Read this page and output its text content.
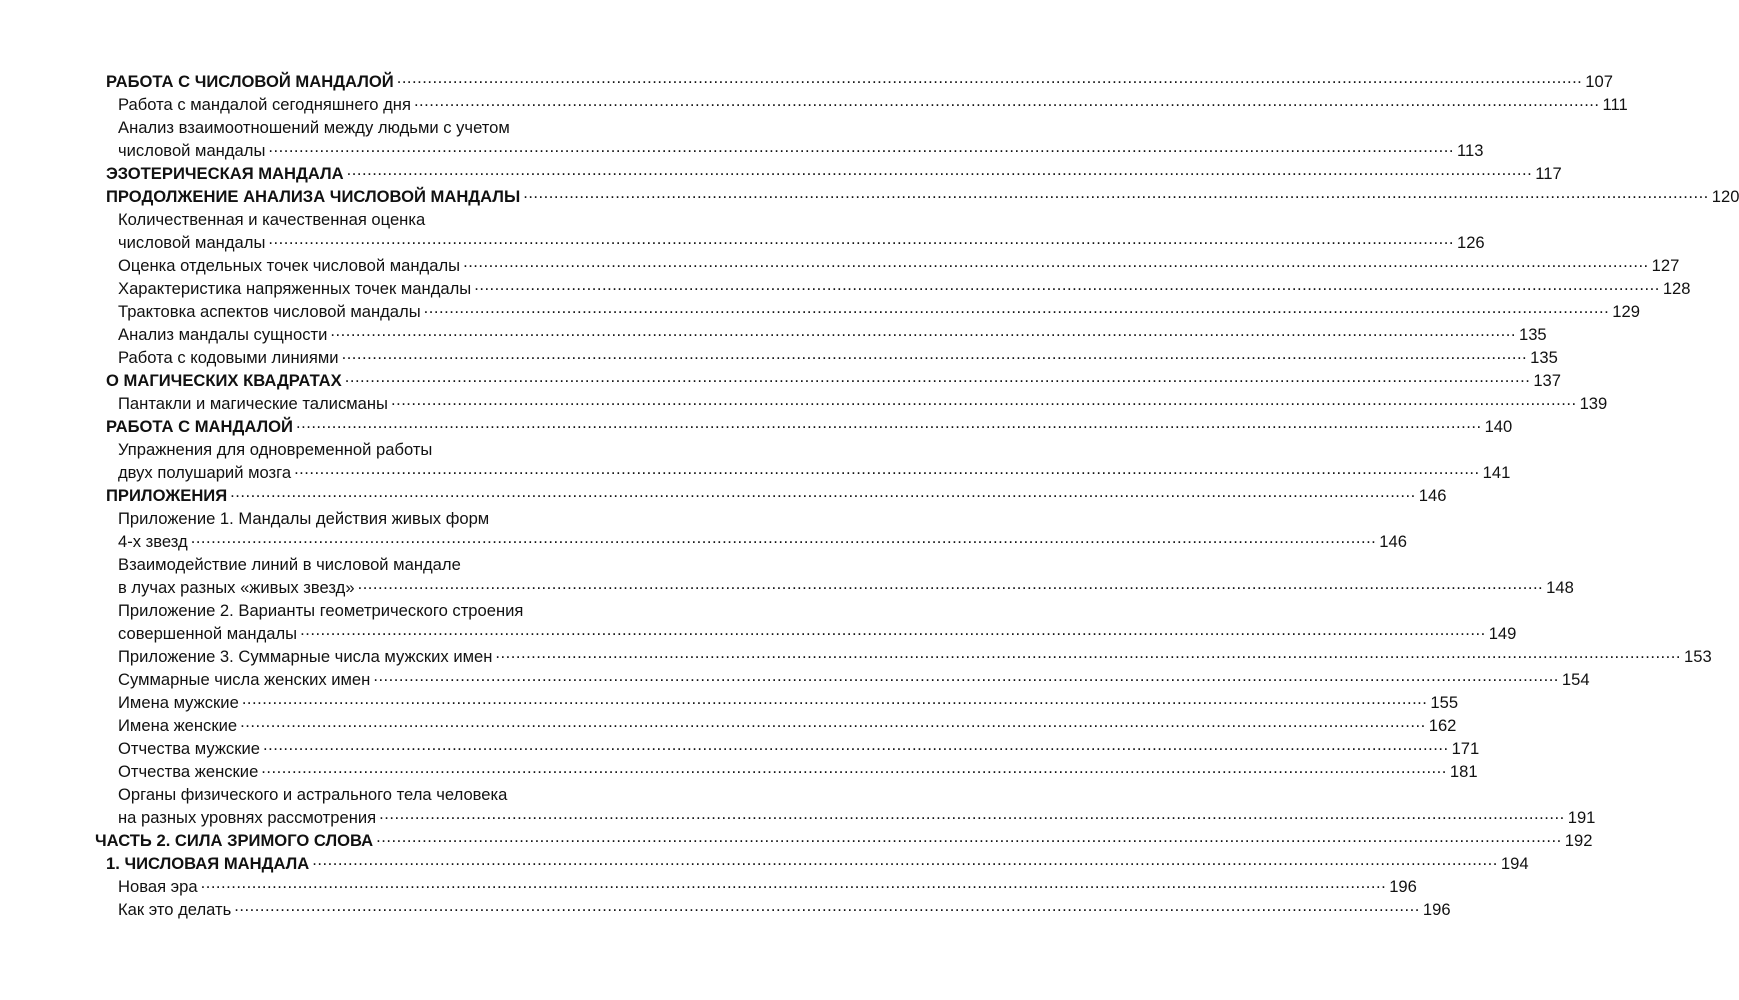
РАБОТА С ЧИСЛОВОЙ МАНДАЛОЙ .....	107
Работа с мандалой сегодняшнего дня .....	111
Анализ взаимоотношений между людьми с учетом
числовой мандалы .....	113
ЭЗОТЕРИЧЕСКАЯ МАНДАЛА .....	117
ПРОДОЛЖЕНИЕ АНАЛИЗА ЧИСЛОВОЙ МАНДАЛЫ .....	120
Количественная и качественная оценка
числовой мандалы .....	126
Оценка отдельных точек числовой мандалы .....	127
Характеристика напряженных точек мандалы .....	128
Трактовка аспектов числовой мандалы .....	129
Анализ мандалы сущности .....	135
Работа с кодовыми линиями .....	135
О МАГИЧЕСКИХ КВАДРАТАХ .....	137
Пантакли и магические талисманы .....	139
РАБОТА С МАНДАЛОЙ .....	140
Упражнения для одновременной работы
двух полушарий мозга .....	141
ПРИЛОЖЕНИЯ .....	146
Приложение 1. Мандалы действия живых форм
4-х звезд .....	146
Взаимодействие линий в числовой мандале
в лучах разных «живых звезд» .....	148
Приложение 2. Варианты геометрического строения
совершенной мандалы .....	149
Приложение 3. Суммарные числа мужских имен .....	153
Суммарные числа женских имен .....	154
Имена мужские .....	155
Имена женские .....	162
Отчества мужские .....	171
Отчества женские .....	181
Органы физического и астрального тела человека
на разных уровнях рассмотрения .....	191
ЧАСТЬ 2. СИЛА ЗРИМОГО СЛОВА .....	192
1. ЧИСЛОВАЯ МАНДАЛА .....	194
Новая эра .....	196
Как это делать .....	196
